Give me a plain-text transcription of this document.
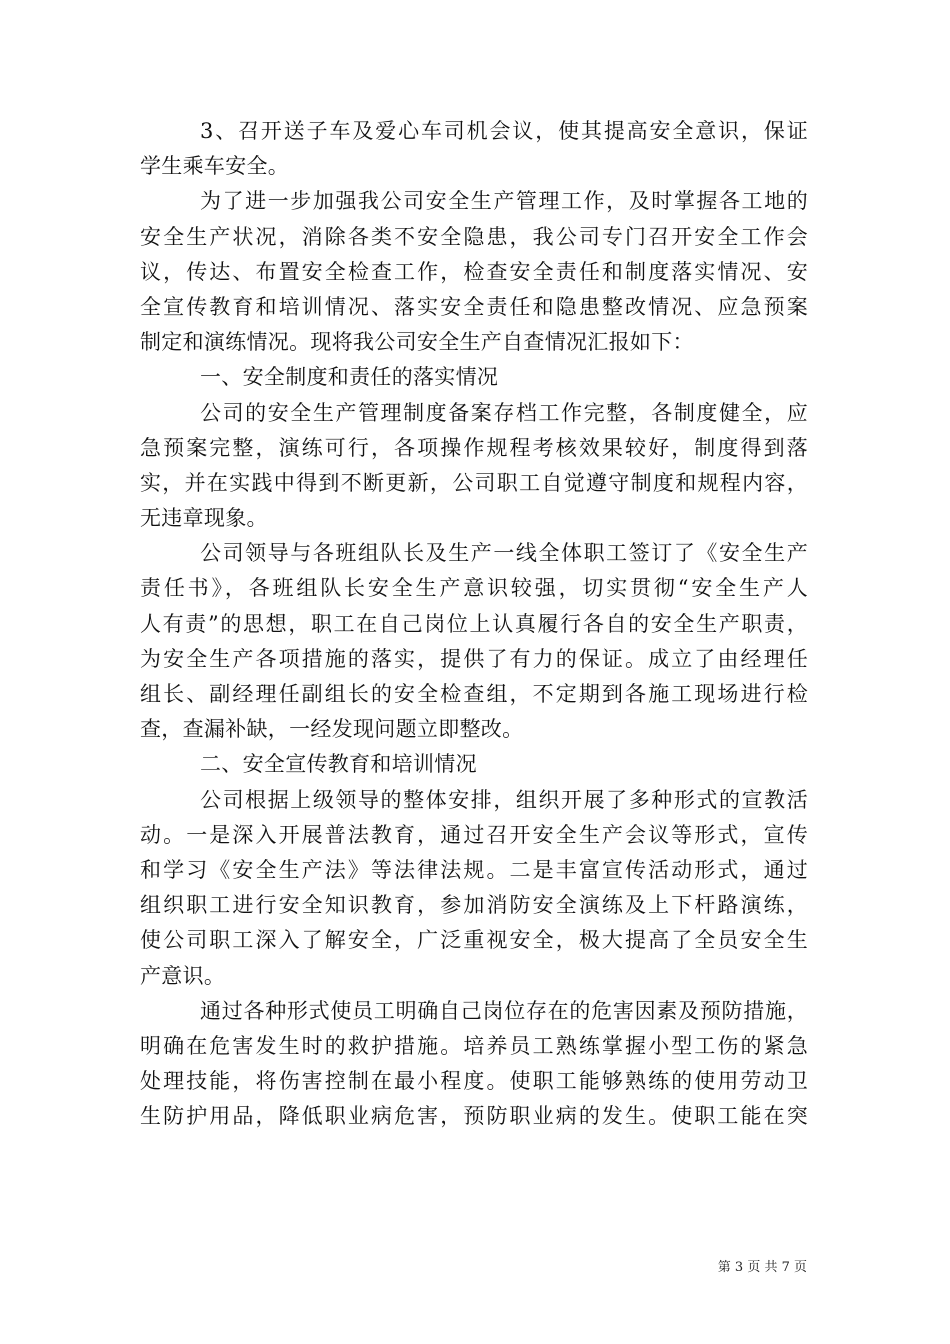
3、召开送子车及爱心车司机会议，使其提高安全意识，保证
学生乘车安全。
为了进一步加强我公司安全生产管理工作，及时掌握各工地的
安全生产状况，消除各类不安全隐患，我公司专门召开安全工作会
议，传达、布置安全检查工作，检查安全责任和制度落实情况、安
全宣传教育和培训情况、落实安全责任和隐患整改情况、应急预案
制定和演练情况。现将我公司安全生产自查情况汇报如下：
一、安全制度和责任的落实情况
公司的安全生产管理制度备案存档工作完整，各制度健全，应
急预案完整，演练可行，各项操作规程考核效果较好，制度得到落
实，并在实践中得到不断更新，公司职工自觉遵守制度和规程内容，
无违章现象。
公司领导与各班组队长及生产一线全体职工签订了《安全生产
责任书》，各班组队长安全生产意识较强，切实贯彻“安全生产人
人有责”的思想，职工在自己岗位上认真履行各自的安全生产职责，
为安全生产各项措施的落实，提供了有力的保证。成立了由经理任
组长、副经理任副组长的安全检查组，不定期到各施工现场进行检
查，查漏补缺，一经发现问题立即整改。
二、安全宣传教育和培训情况
公司根据上级领导的整体安排，组织开展了多种形式的宣教活
动。一是深入开展普法教育，通过召开安全生产会议等形式，宣传
和学习《安全生产法》等法律法规。二是丰富宣传活动形式，通过
组织职工进行安全知识教育，参加消防安全演练及上下杆路演练，
使公司职工深入了解安全，广泛重视安全，极大提高了全员安全生
产意识。
通过各种形式使员工明确自己岗位存在的危害因素及预防措施，
明确在危害发生时的救护措施。培养员工熟练掌握小型工伤的紧急
处理技能，将伤害控制在最小程度。使职工能够熟练的使用劳动卫
生防护用品，降低职业病危害，预防职业病的发生。使职工能在突
第 3 页 共 7 页
